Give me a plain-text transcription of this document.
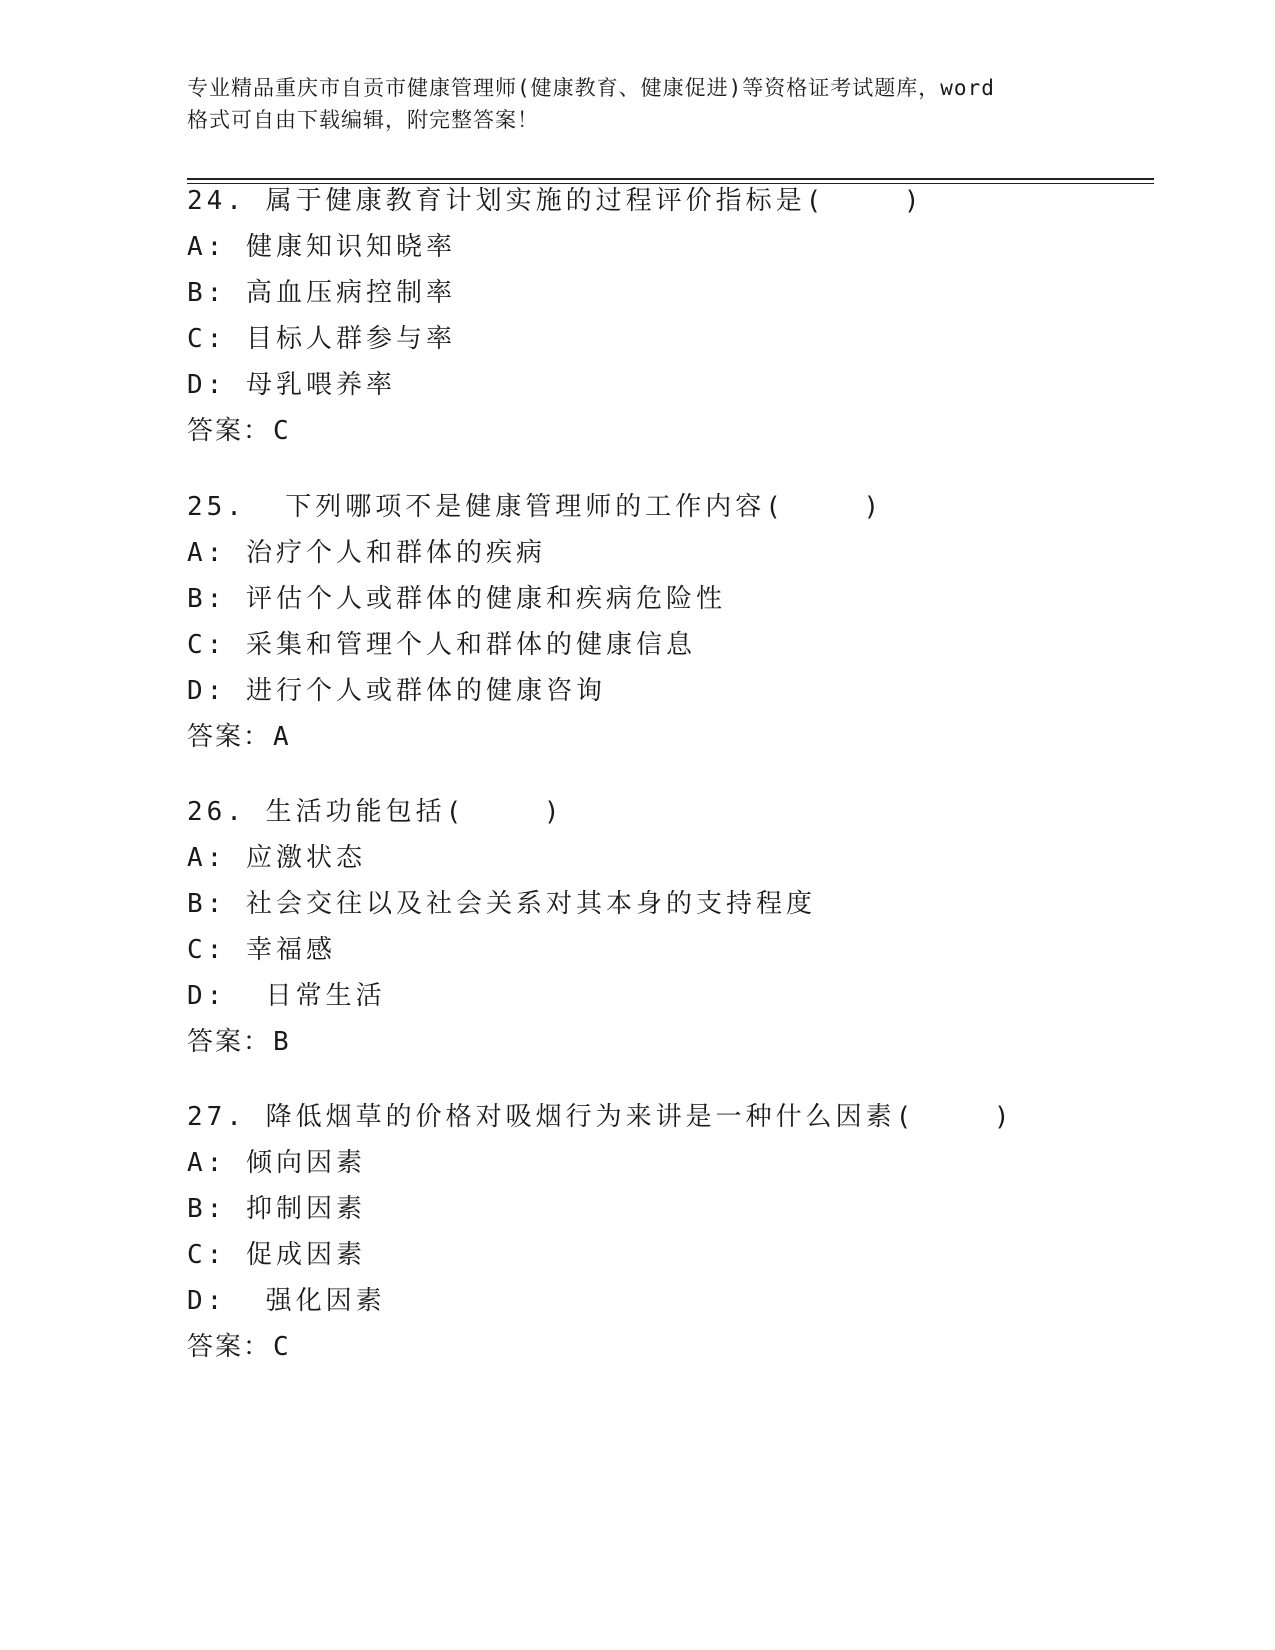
专业精品重庆市自贡市健康管理师(健康教育、健康促进)等资格证考试题库，word
格式可自由下载编辑，附完整答案！
24. 属于健康教育计划实施的过程评价指标是(    )
A: 健康知识知晓率
B: 高血压病控制率
C: 目标人群参与率
D: 母乳喂养率
答案：C
25.  下列哪项不是健康管理师的工作内容(    )
A: 治疗个人和群体的疾病
B: 评估个人或群体的健康和疾病危险性
C: 采集和管理个人和群体的健康信息
D: 进行个人或群体的健康咨询
答案：A
26. 生活功能包括(    )
A: 应激状态
B: 社会交往以及社会关系对其本身的支持程度
C: 幸福感
D:  日常生活
答案：B
27. 降低烟草的价格对吸烟行为来讲是一种什么因素(    )
A: 倾向因素
B: 抑制因素
C: 促成因素
D:  强化因素
答案：C
